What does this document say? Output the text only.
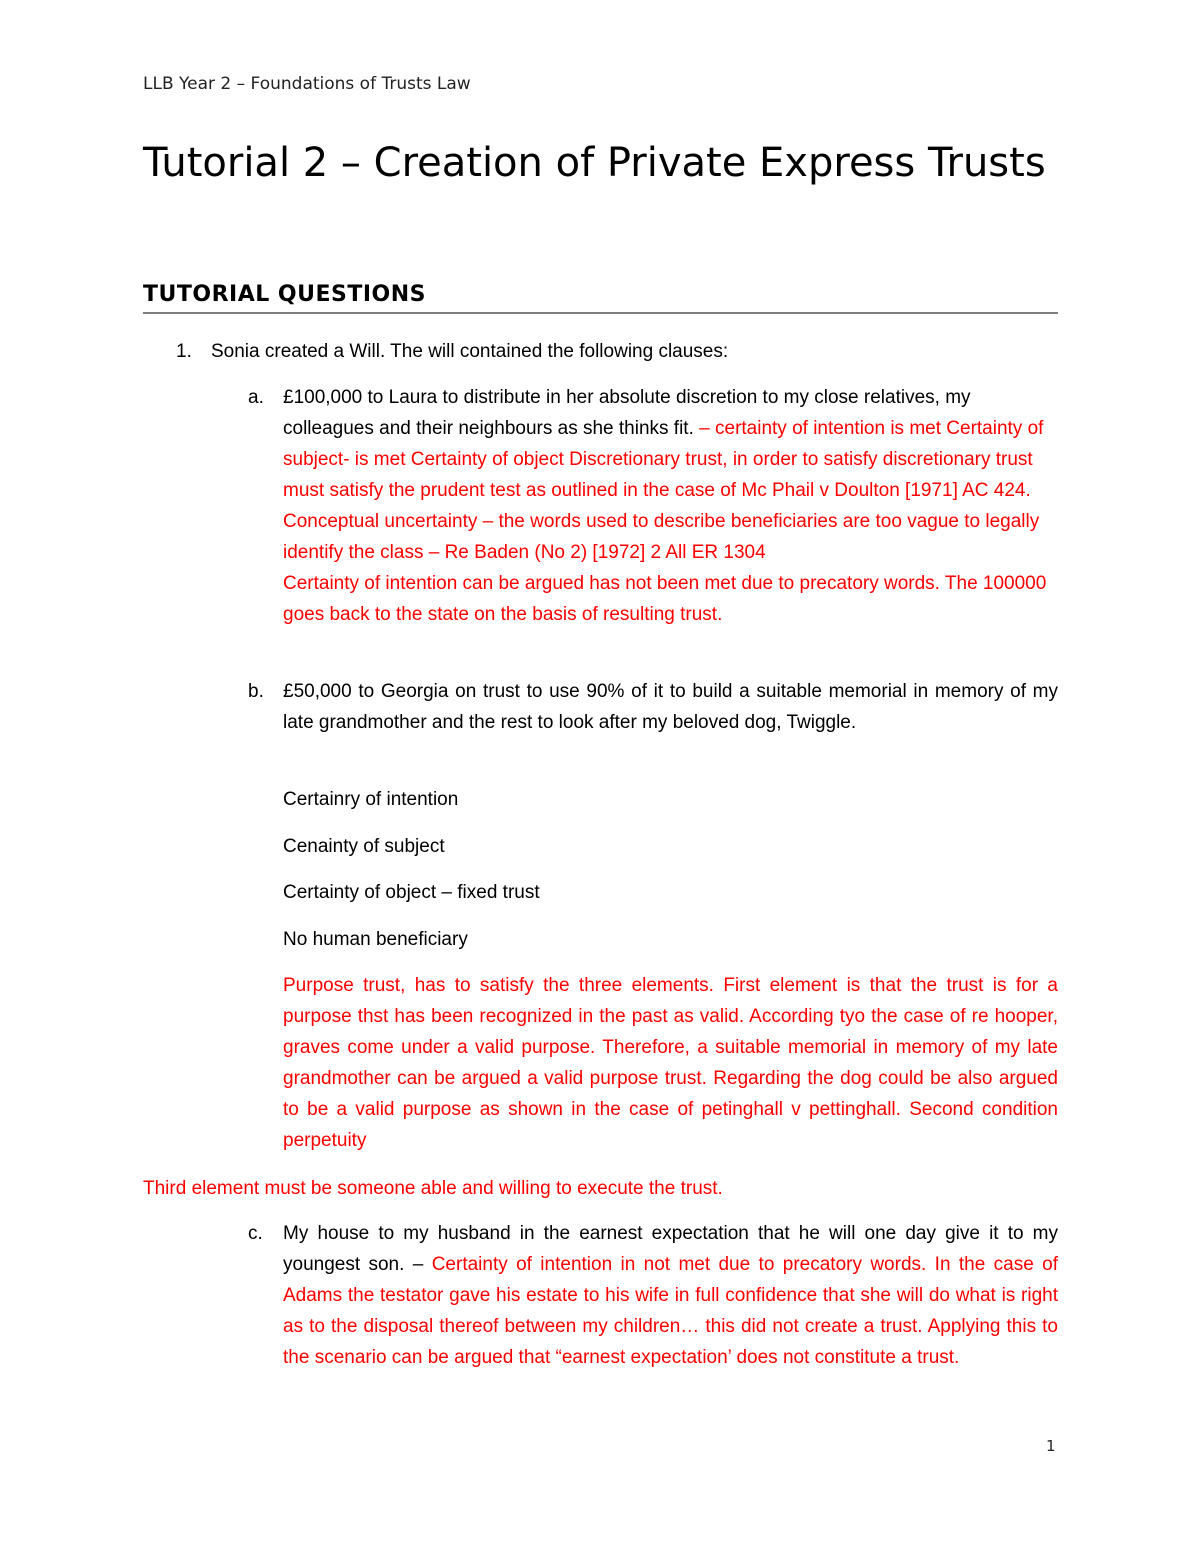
LLB Year 2 – Foundations of Trusts Law
Tutorial 2 – Creation of Private Express Trusts
TUTORIAL QUESTIONS
1. Sonia created a Will. The will contained the following clauses:
a.	£100,000 to Laura to distribute in her absolute discretion to my close relatives, my colleagues and their neighbours as she thinks fit. – certainty of intention is met Certainty of subject- is met Certainty of object Discretionary trust, in order to satisfy discretionary trust must satisfy the prudent test as outlined in the case of Mc Phail v Doulton [1971] AC 424. Conceptual uncertainty – the words used to describe beneficiaries are too vague to legally identify the class – Re Baden (No 2) [1972] 2 All ER 1304
Certainty of intention can be argued has not been met due to precatory words. The 100000 goes back to the state on the basis of resulting trust.
b.	£50,000 to Georgia on trust to use 90% of it to build a suitable memorial in memory of my late grandmother and the rest to look after my beloved dog, Twiggle.
Certainry of intention
Cenainty of subject
Certainty of object – fixed trust
No human beneficiary
Purpose trust, has to satisfy the three elements. First element is that the trust is for a purpose thst has been recognized in the past as valid. According tyo the case of re hooper, graves come under a valid purpose. Therefore, a suitable memorial in memory of my late grandmother can be argued a valid purpose trust. Regarding the dog could be also argued to be a valid purpose as shown in the case of petinghall v pettinghall. Second condition perpetuity
Third element must be someone able and willing to execute the trust.
c.	My house to my husband in the earnest expectation that he will one day give it to my youngest son. – Certainty of intention in not met due to precatory words. In the case of Adams the testator gave his estate to his wife in full confidence that she will do what is right as to the disposal thereof between my children… this did not create a trust. Applying this to the scenario can be argued that “earnest expectation’ does not constitute a trust.
1
